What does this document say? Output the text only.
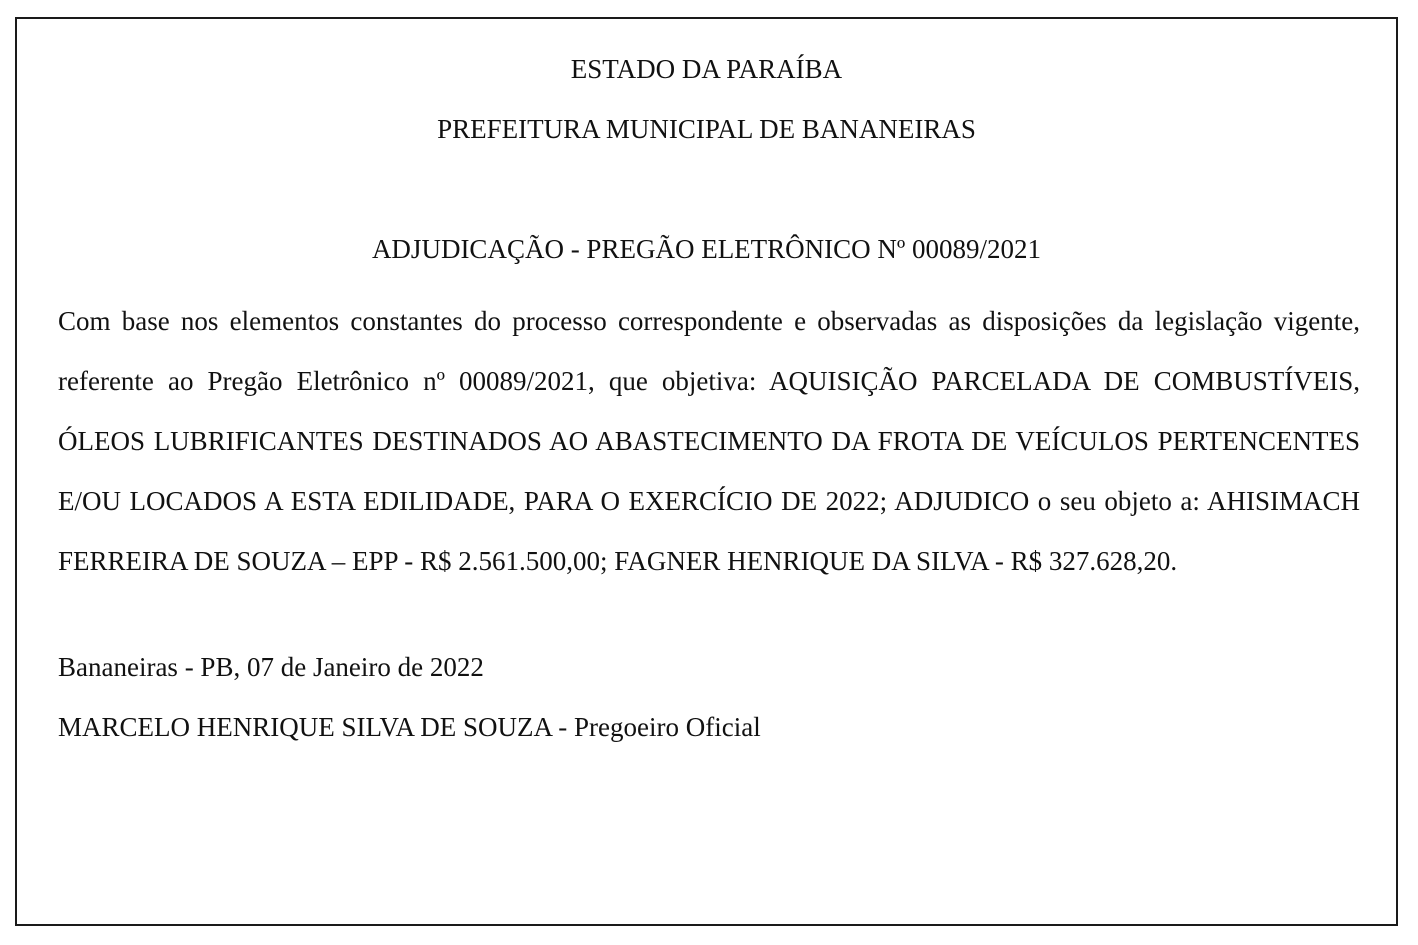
ESTADO DA PARAÍBA

PREFEITURA MUNICIPAL DE BANANEIRAS

ADJUDICAÇÃO - PREGÃO ELETRÔNICO Nº 00089/2021

Com base nos elementos constantes do processo correspondente e observadas as disposições da legislação vigente, referente ao Pregão Eletrônico nº 00089/2021, que objetiva: AQUISIÇÃO PARCELADA DE COMBUSTÍVEIS, ÓLEOS LUBRIFICANTES DESTINADOS AO ABASTECIMENTO DA FROTA DE VEÍCULOS PERTENCENTES E/OU LOCADOS A ESTA EDILIDADE, PARA O EXERCÍCIO DE 2022; ADJUDICO o seu objeto a: AHISIMACH FERREIRA DE SOUZA – EPP - R$ 2.561.500,00; FAGNER HENRIQUE DA SILVA - R$ 327.628,20.

Bananeiras - PB, 07 de Janeiro de 2022

MARCELO HENRIQUE SILVA DE SOUZA - Pregoeiro Oficial
